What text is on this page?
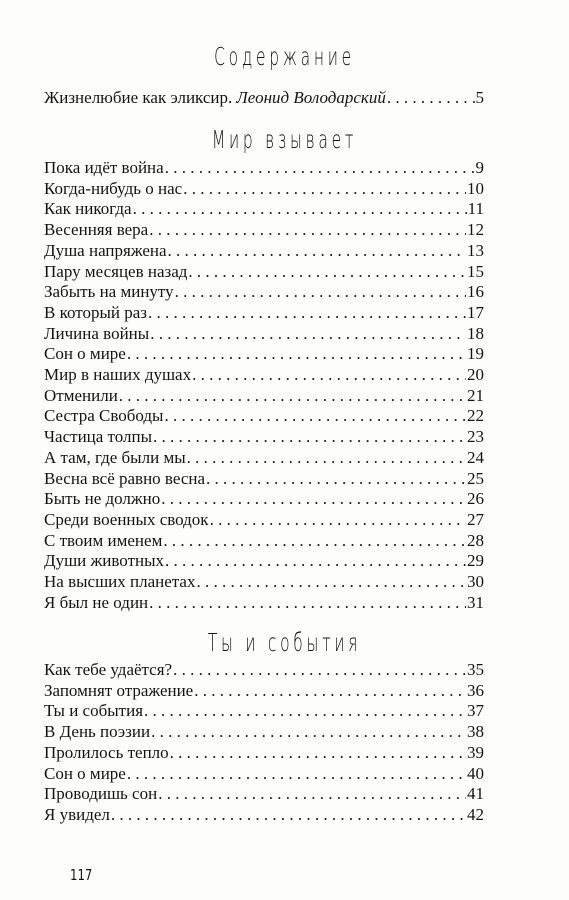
Содержание
Жизнелюбие как эликсир. Леонид Володарский . . .	5
Мир взывает
Пока идёт война . . .	9
Когда-нибудь о нас . . .	10
Как никогда . . .	11
Весенняя вера . . .	12
Душа напряжена . . .	13
Пару месяцев назад . . .	15
Забыть на минуту . . .	16
В который раз . . .	17
Личина войны . . .	18
Сон о мире . . .	19
Мир в наших душах . . .	20
Отменили . . .	21
Сестра Свободы . . .	22
Частица толпы . . .	23
А там, где были мы . . .	24
Весна всё равно весна . . .	25
Быть не должно . . .	26
Среди военных сводок . . .	27
С твоим именем . . .	28
Души животных . . .	29
На высших планетах . . .	30
Я был не один . . .	31
Ты и события
Как тебе удаётся? . . .	35
Запомнят отражение . . .	36
Ты и события . . .	37
В День поэзии . . .	38
Пролилось тепло . . .	39
Сон о мире . . .	40
Проводишь сон . . .	41
Я увидел . . .	42
117
